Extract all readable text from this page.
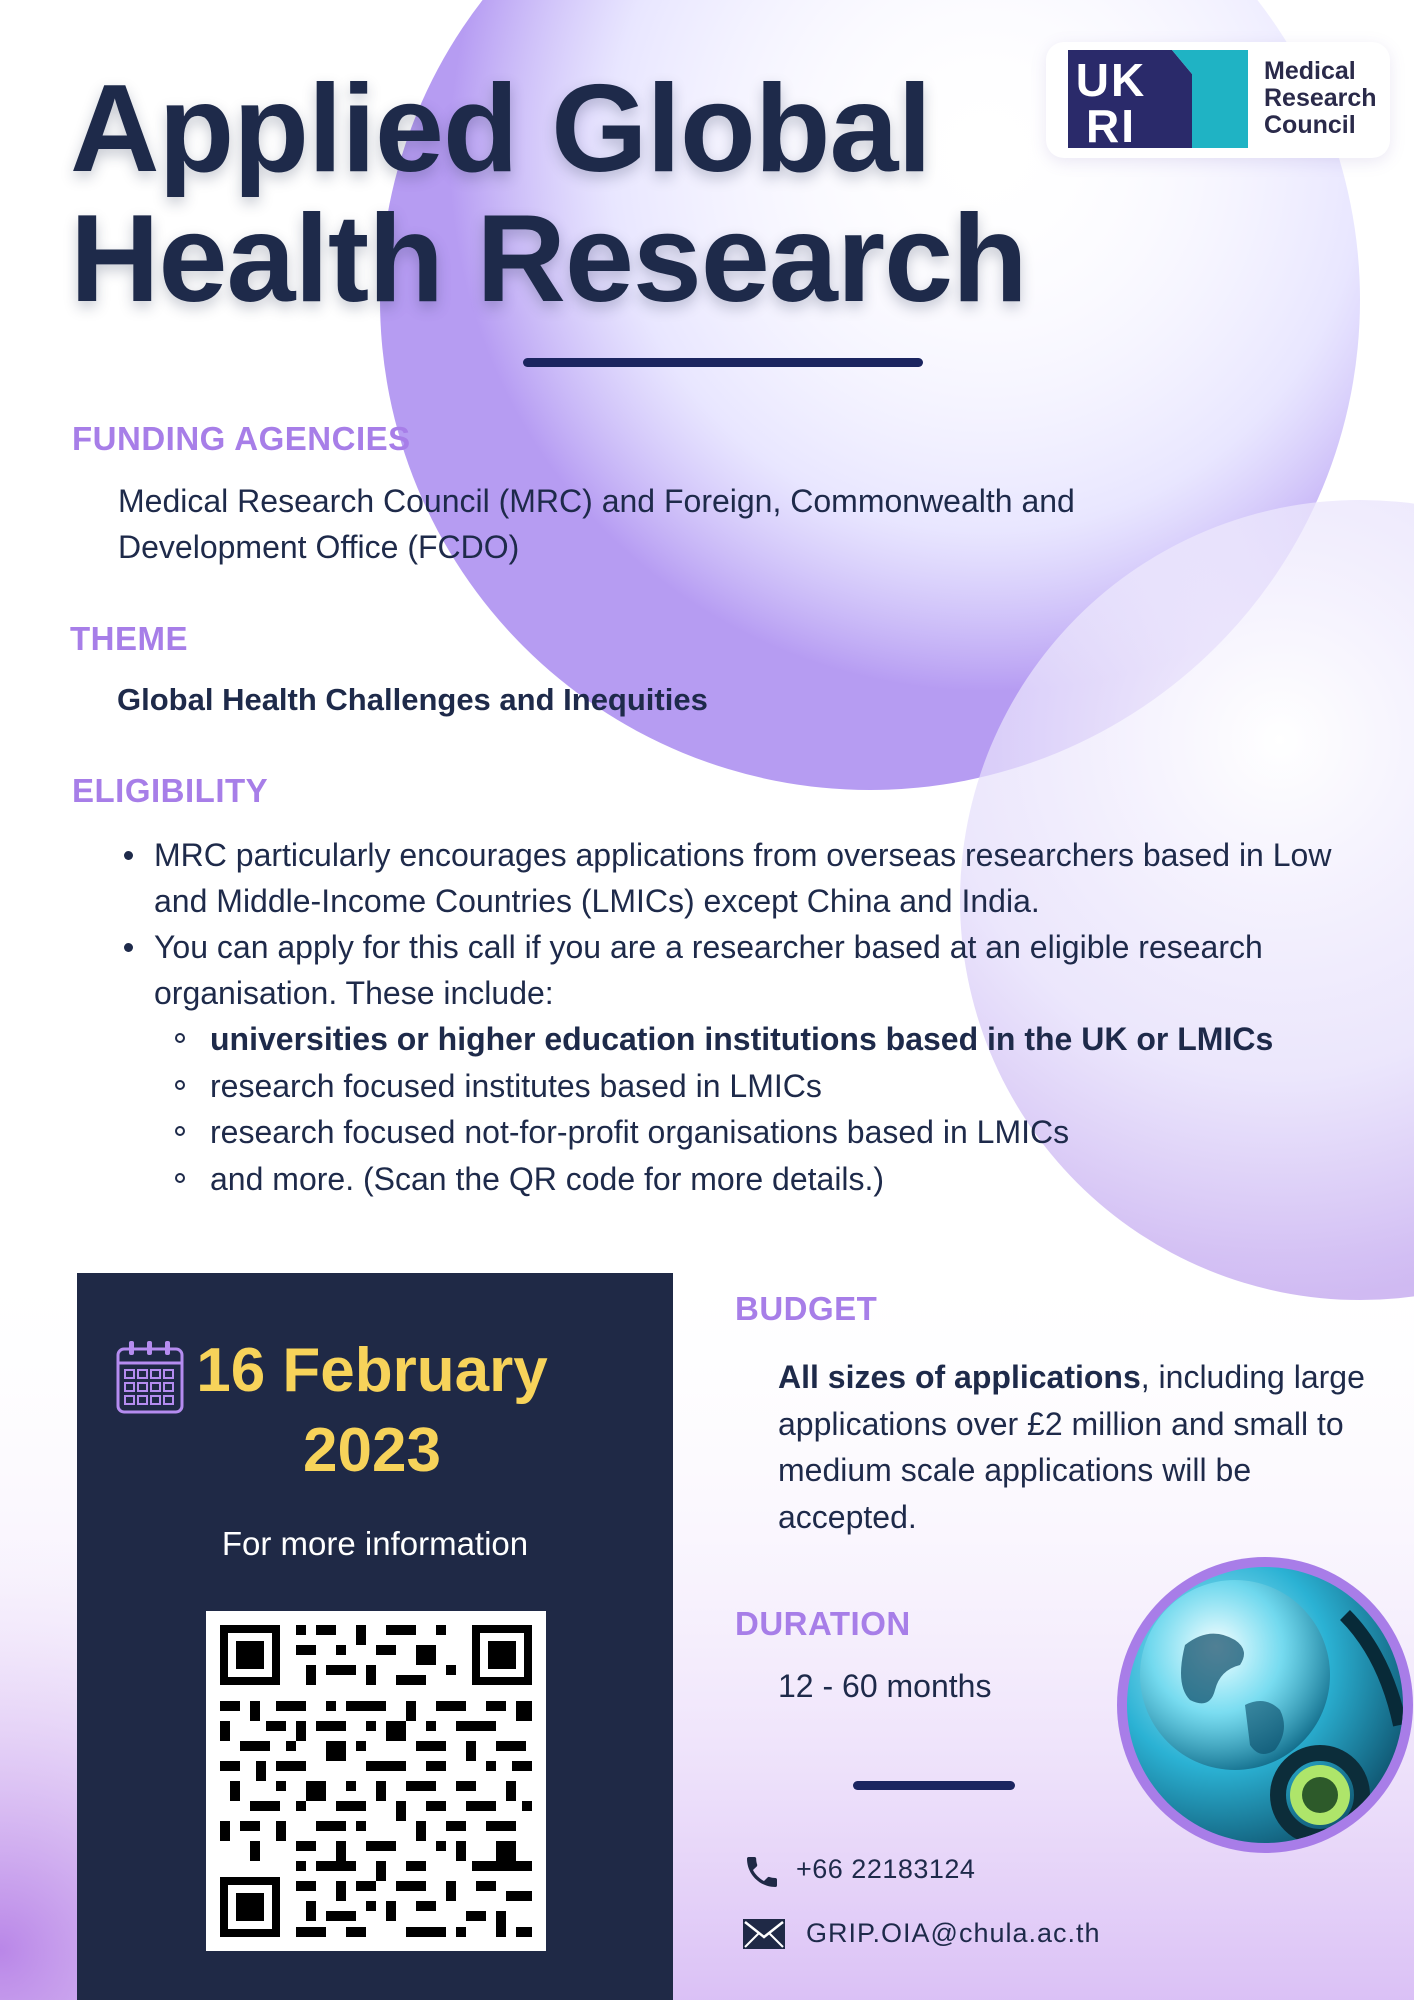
UK
RI
Medical
Research
Council
Applied Global
Health Research
FUNDING AGENCIES
Medical Research Council (MRC) and Foreign, Commonwealth and Development Office (FCDO)
THEME
Global Health Challenges and Inequities
ELIGIBILITY
MRC particularly encourages applications from overseas researchers based in Low and Middle-Income Countries (LMICs) except China and India.
You can apply for this call if you are a researcher based at an eligible research organisation. These include:
universities or higher education institutions based in the UK or LMICs
research focused institutes based in LMICs
research focused not-for-profit organisations based in LMICs
and more. (Scan the QR code for more details.)
16 February
2023
For more information
BUDGET
All sizes of applications, including large applications over £2 million and small to medium scale applications will be accepted.
DURATION
12 - 60 months
+66 22183124
GRIP.OIA@chula.ac.th
